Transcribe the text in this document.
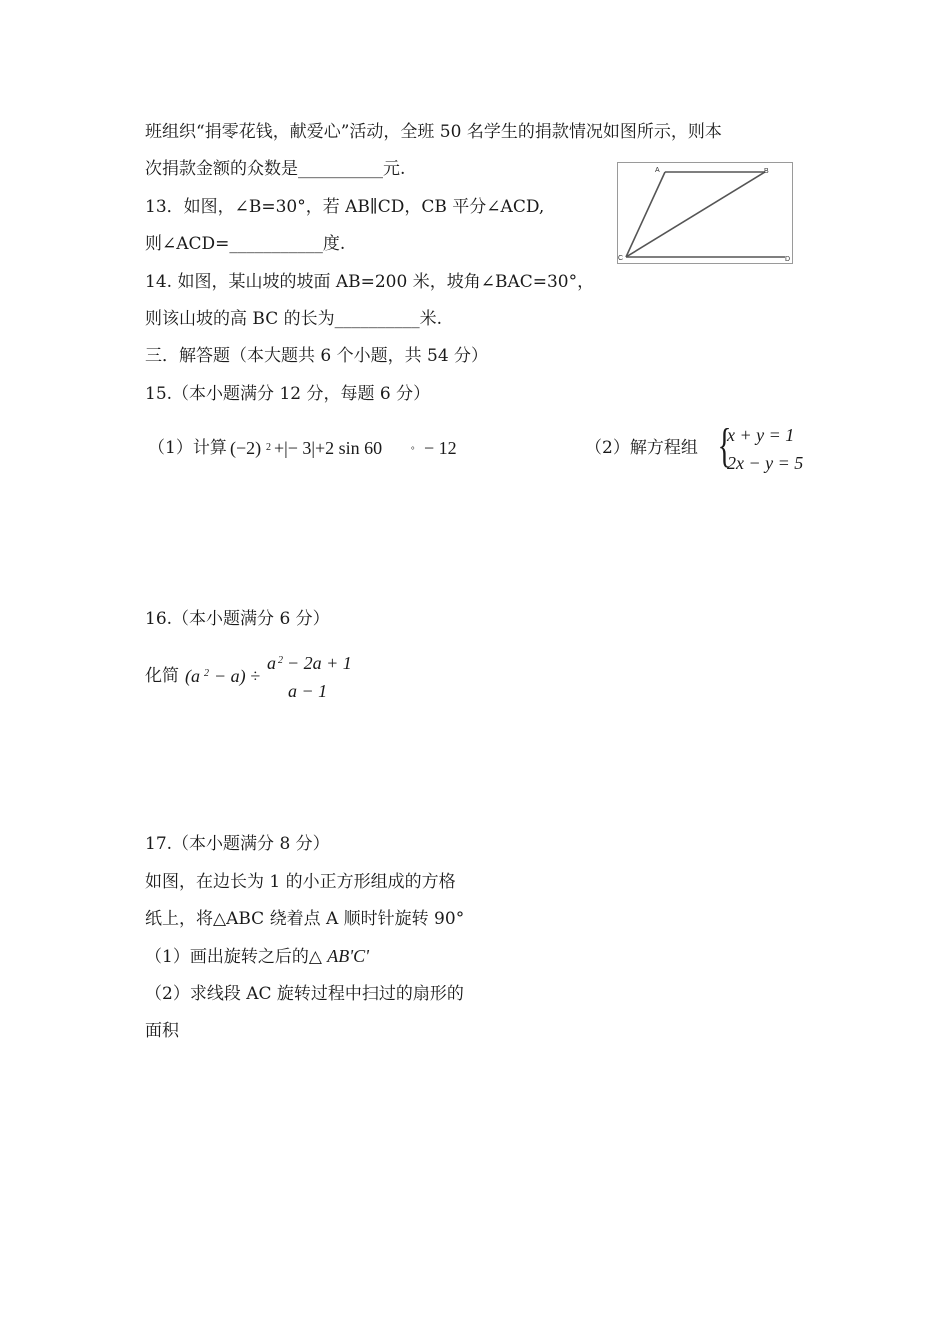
班组织“捐零花钱，献爱心”活动，全班 50 名学生的捐款情况如图所示，则本
次捐款金额的众数是__________元.
13．如图，∠B=30°，若 AB∥CD，CB 平分∠ACD,
则∠ACD=___________度.
14. 如图，某山坡的坡面 AB=200 米，坡角∠BAC=30°，
则该山坡的高 BC 的长为__________米.
三．解答题（本大题共 6 个小题，共 54 分）
15.（本小题满分 12 分，每题 6 分）
A	B
C	D
（1）计算 (−2) 2 +|− 3|+2 sin 60	° − 12	（2）解方程组 {
x + y = 1
2x − y = 5
16.（本小题满分 6 分）
化简 (a 2 − a) ÷
a 2 − 2a + 1
a − 1
17.（本小题满分 8 分）
如图，在边长为 1 的小正方形组成的方格
纸上，将△ABC 绕着点 A 顺时针旋转 90°
（1）画出旋转之后的△ AB'C'
（2）求线段 AC 旋转过程中扫过的扇形的
面积
